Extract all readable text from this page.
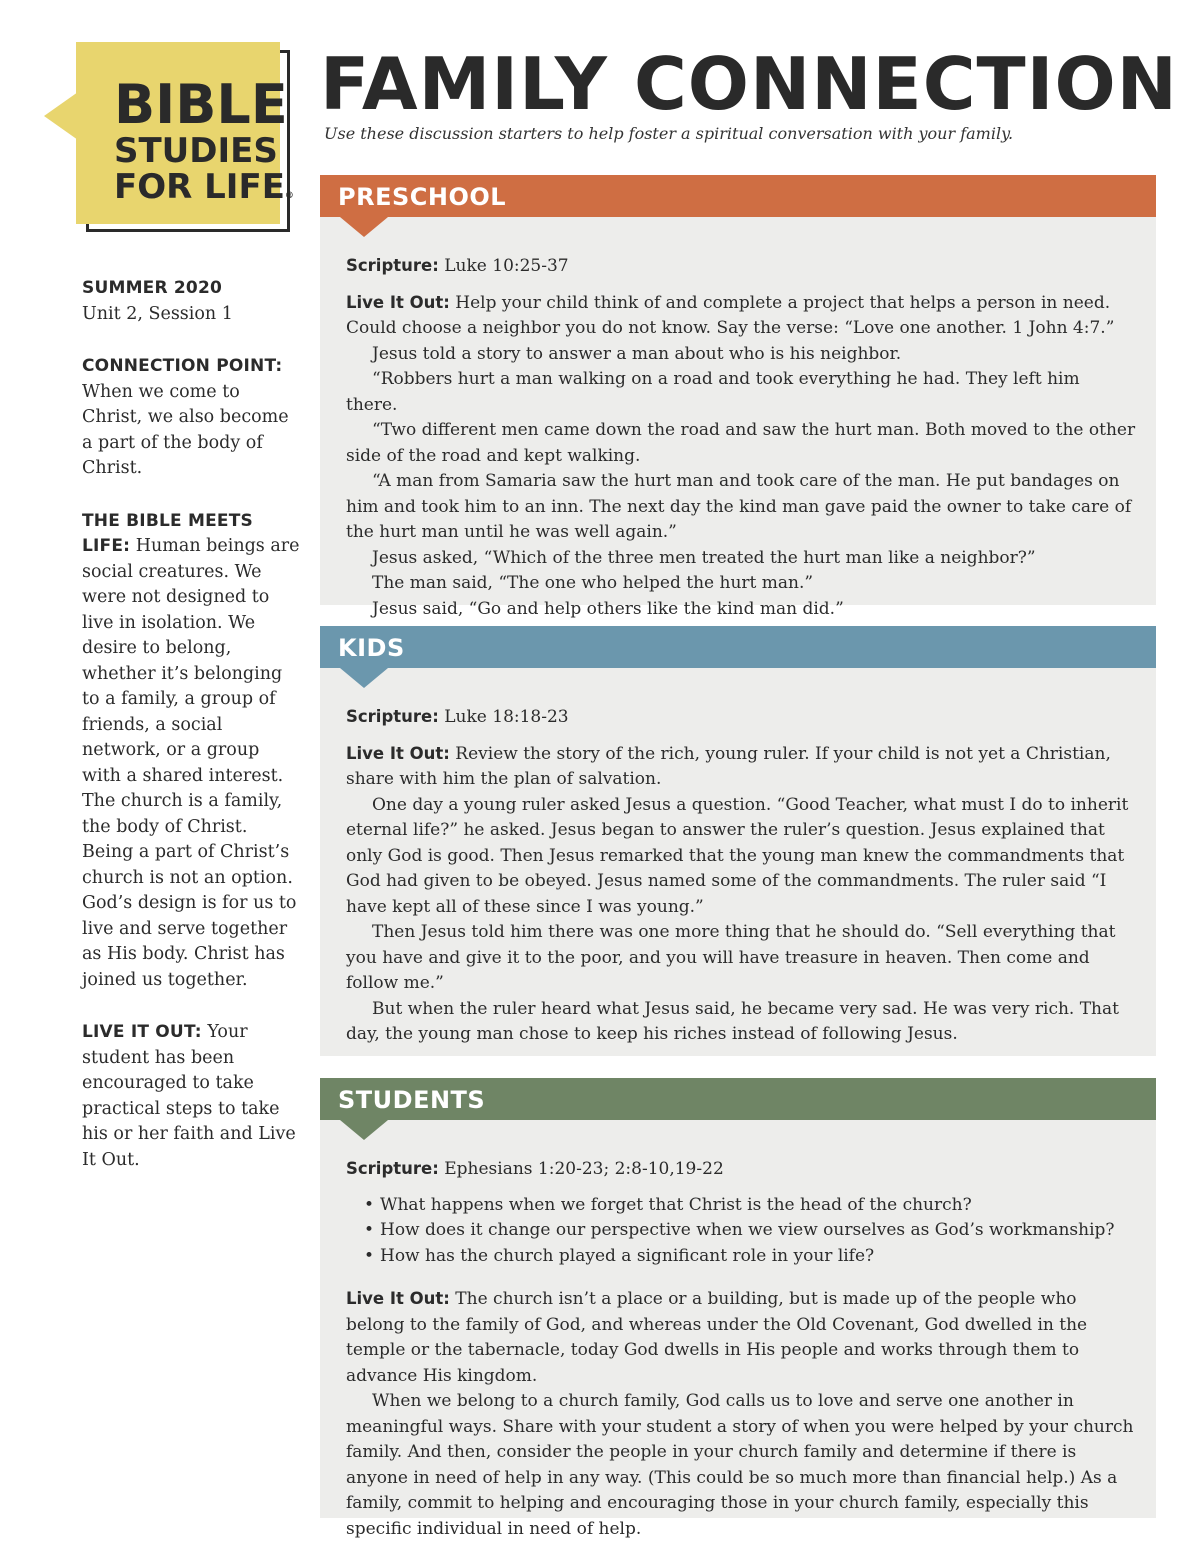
BIBLE
STUDIES
FOR LIFE®
FAMILY CONNECTION
Use these discussion starters to help foster a spiritual conversation with your family.
SUMMER 2020
Unit 2, Session 1
CONNECTION POINT:
When we come to Christ, we also become a part of the body of Christ.
THE BIBLE MEETS LIFE: Human beings are social creatures. We were not designed to live in isolation. We desire to belong, whether it’s belonging to a family, a group of friends, a social network, or a group with a shared interest. The church is a family, the body of Christ. Being a part of Christ’s church is not an option. God’s design is for us to live and serve together as His body. Christ has joined us together.
LIVE IT OUT: Your student has been encouraged to take practical steps to take his or her faith and Live It Out.
PRESCHOOL

Scripture: Luke 10:25-37

Live It Out: Help your child think of and complete a project that helps a person in need. Could choose a neighbor you do not know. Say the verse: “Love one another. 1 John 4:7.”

Jesus told a story to answer a man about who is his neighbor.

“Robbers hurt a man walking on a road and took everything he had. They left him there.

“Two different men came down the road and saw the hurt man. Both moved to the other side of the road and kept walking.

“A man from Samaria saw the hurt man and took care of the man. He put bandages on him and took him to an inn. The next day the kind man gave paid the owner to take care of the hurt man until he was well again.”

Jesus asked, “Which of the three men treated the hurt man like a neighbor?”

The man said, “The one who helped the hurt man.”

Jesus said, “Go and help others like the kind man did.”

KIDS

Scripture: Luke 18:18-23

Live It Out: Review the story of the rich, young ruler. If your child is not yet a Christian, share with him the plan of salvation.

One day a young ruler asked Jesus a question. “Good Teacher, what must I do to inherit eternal life?” he asked. Jesus began to answer the ruler’s question. Jesus explained that only God is good. Then Jesus remarked that the young man knew the commandments that God had given to be obeyed. Jesus named some of the commandments. The ruler said “I have kept all of these since I was young.”

Then Jesus told him there was one more thing that he should do. “Sell everything that you have and give it to the poor, and you will have treasure in heaven. Then come and follow me.”

But when the ruler heard what Jesus said, he became very sad. He was very rich. That day, the young man chose to keep his riches instead of following Jesus.

STUDENTS

Scripture: Ephesians 1:20-23; 2:8-10,19-22

• What happens when we forget that Christ is the head of the church?
• How does it change our perspective when we view ourselves as God’s workmanship?
• How has the church played a significant role in your life?

Live It Out: The church isn’t a place or a building, but is made up of the people who belong to the family of God, and whereas under the Old Covenant, God dwelled in the temple or the tabernacle, today God dwells in His people and works through them to advance His kingdom.

When we belong to a church family, God calls us to love and serve one another in meaningful ways. Share with your student a story of when you were helped by your church family. And then, consider the people in your church family and determine if there is anyone in need of help in any way. (This could be so much more than financial help.) As a family, commit to helping and encouraging those in your church family, especially this specific individual in need of help.
